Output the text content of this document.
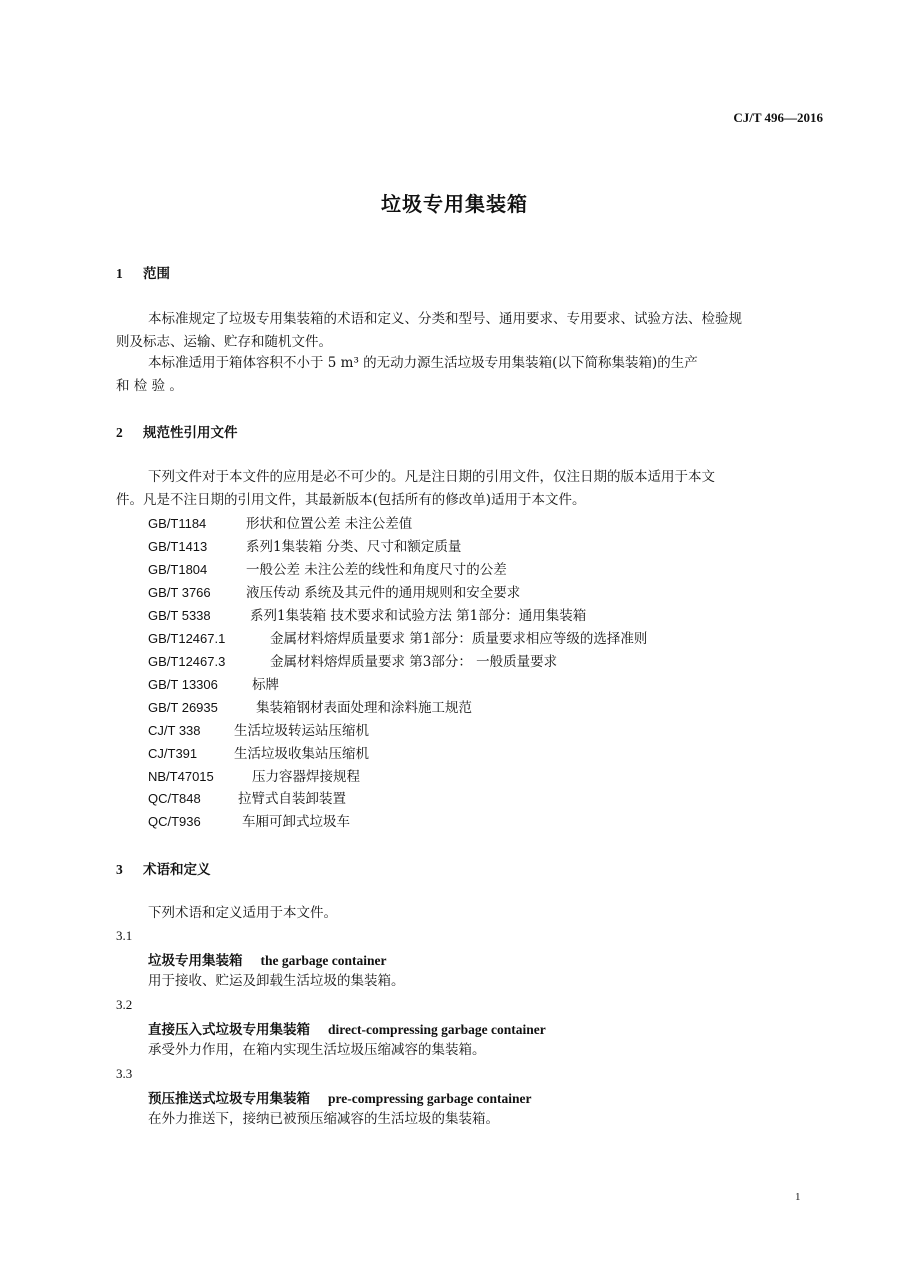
CJ/T 496—2016
垃圾专用集装箱
1 范围
本标准规定了垃圾专用集装箱的术语和定义、分类和型号、通用要求、专用要求、试验方法、检验规
则及标志、运输、贮存和随机文件。
本标准适用于箱体容积不小于 5 m³ 的无动力源生活垃圾专用集装箱(以下简称集装箱)的生产
和 检 验 。
2 规范性引用文件
下列文件对于本文件的应用是必不可少的。凡是注日期的引用文件，仅注日期的版本适用于本文
件。凡是不注日期的引用文件，其最新版本(包括所有的修改单)适用于本文件。
GB/T1184	形状和位置公差 未注公差值
GB/T1413	系列1集装箱 分类、尺寸和额定质量
GB/T1804	一般公差 未注公差的线性和角度尺寸的公差
GB/T 3766	液压传动 系统及其元件的通用规则和安全要求
GB/T 5338	系列1集装箱 技术要求和试验方法 第1部分：通用集装箱
GB/T12467.1	金属材料熔焊质量要求 第1部分：质量要求相应等级的选择准则
GB/T12467.3	金属材料熔焊质量要求 第3部分： 一般质量要求
GB/T 13306	标牌
GB/T 26935	集装箱钢材表面处理和涂料施工规范
CJ/T 338 生活垃圾转运站压缩机
CJ/T391	生活垃圾收集站压缩机
NB/T47015	压力容器焊接规程
QC/T848	拉臂式自装卸装置
QC/T936	车厢可卸式垃圾车
3 术语和定义
下列术语和定义适用于本文件。
3.1
垃圾专用集装箱 the garbage container
用于接收、贮运及卸载生活垃圾的集装箱。
3.2
直接压入式垃圾专用集装箱 direct-compressing garbage container
承受外力作用，在箱内实现生活垃圾压缩减容的集装箱。
3.3
预压推送式垃圾专用集装箱 pre-compressing garbage container
在外力推送下，接纳已被预压缩减容的生活垃圾的集装箱。
1
